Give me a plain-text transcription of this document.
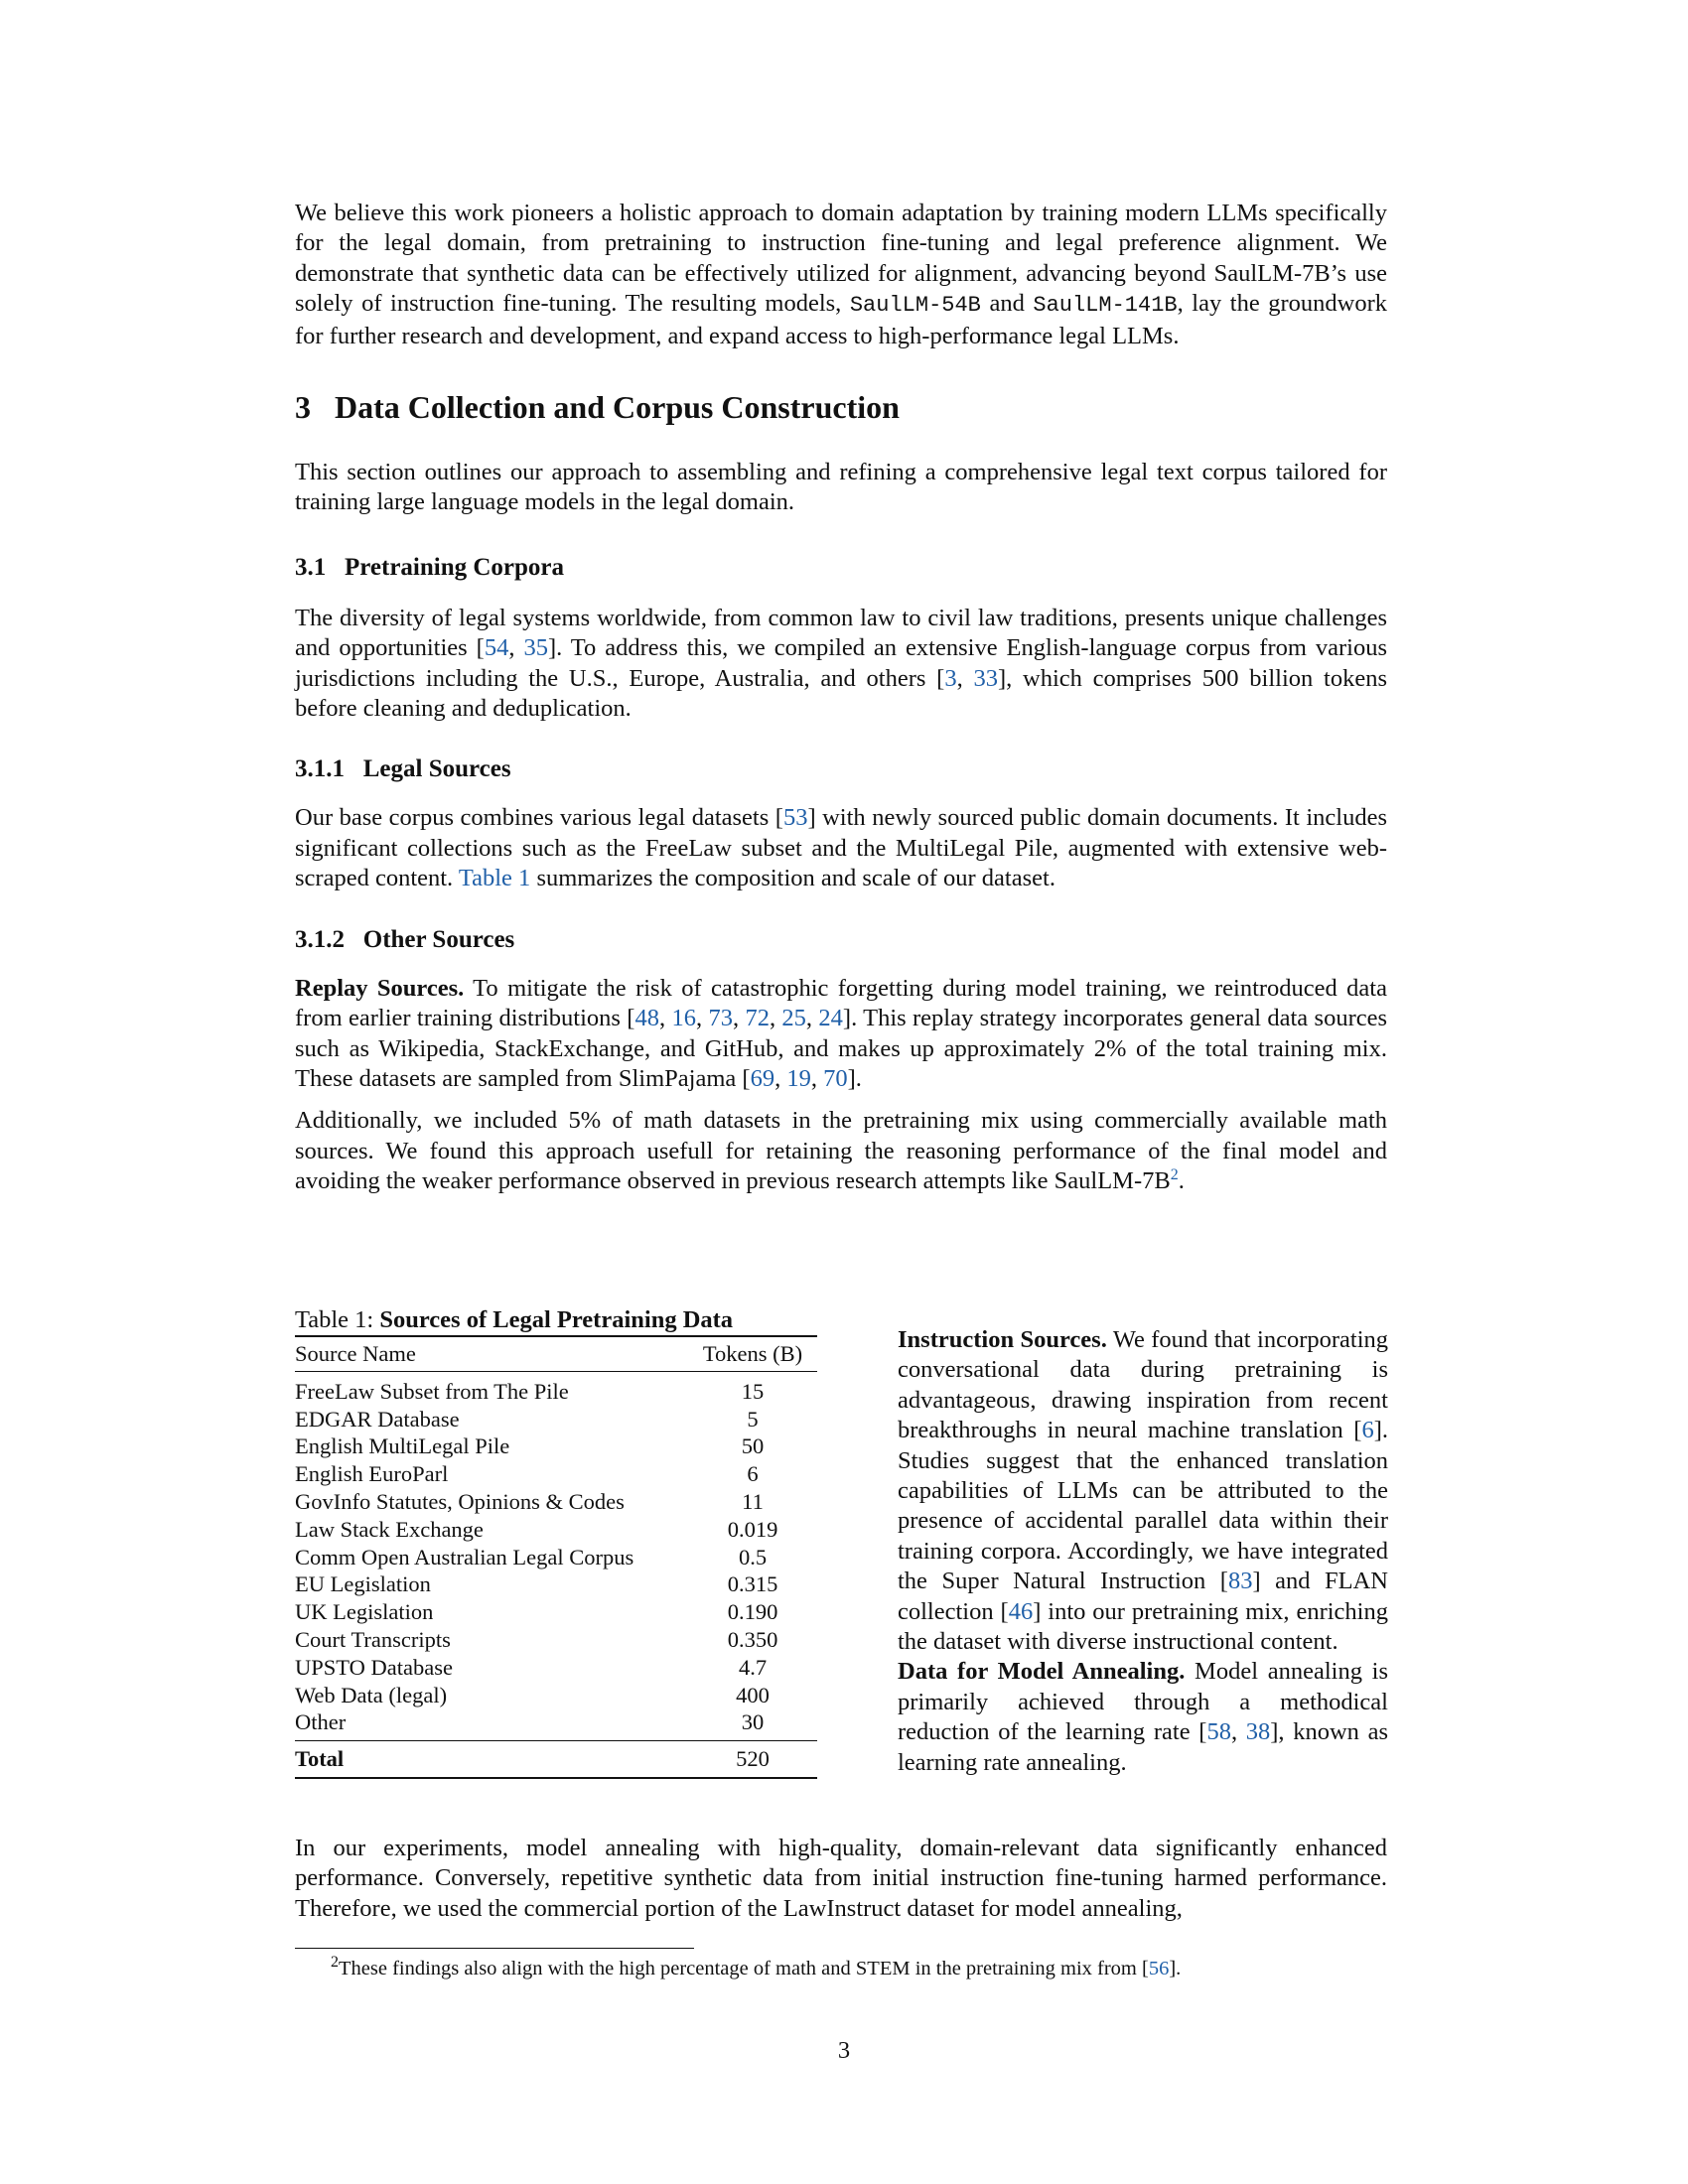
We believe this work pioneers a holistic approach to domain adaptation by training modern LLMs specifically for the legal domain, from pretraining to instruction fine-tuning and legal preference alignment. We demonstrate that synthetic data can be effectively utilized for alignment, advancing beyond SaulLM-7B’s use solely of instruction fine-tuning. The resulting models, SaulLM-54B and SaulLM-141B, lay the groundwork for further research and development, and expand access to high-performance legal LLMs.

3 Data Collection and Corpus Construction

This section outlines our approach to assembling and refining a comprehensive legal text corpus tailored for training large language models in the legal domain.

3.1 Pretraining Corpora

The diversity of legal systems worldwide, from common law to civil law traditions, presents unique challenges and opportunities [54, 35]. To address this, we compiled an extensive English-language corpus from various jurisdictions including the U.S., Europe, Australia, and others [3, 33], which comprises 500 billion tokens before cleaning and deduplication.

3.1.1 Legal Sources

Our base corpus combines various legal datasets [53] with newly sourced public domain documents. It includes significant collections such as the FreeLaw subset and the MultiLegal Pile, augmented with extensive web-scraped content. Table 1 summarizes the composition and scale of our dataset.

3.1.2 Other Sources

Replay Sources. To mitigate the risk of catastrophic forgetting during model training, we reintroduced data from earlier training distributions [48, 16, 73, 72, 25, 24]. This replay strategy incorporates general data sources such as Wikipedia, StackExchange, and GitHub, and makes up approximately 2% of the total training mix. These datasets are sampled from SlimPajama [69, 19, 70].

Additionally, we included 5% of math datasets in the pretraining mix using commercially available math sources. We found this approach usefull for retaining the reasoning performance of the final model and avoiding the weaker performance observed in previous research attempts like SaulLM-7B$^2$.

Table 1: Sources of Legal Pretraining Data
Source Name	Tokens (B)
FreeLaw Subset from The Pile	15
EDGAR Database	5
English MultiLegal Pile	50
English EuroParl	6
GovInfo Statutes, Opinions & Codes	11
Law Stack Exchange	0.019
Comm Open Australian Legal Corpus	0.5
EU Legislation	0.315
UK Legislation	0.190
Court Transcripts	0.350
UPSTO Database	4.7
Web Data (legal)	400
Other	30
Total	520

Instruction Sources. We found that incorporating conversational data during pretraining is advantageous, drawing inspiration from recent breakthroughs in neural machine translation [6]. Studies suggest that the enhanced translation capabilities of LLMs can be attributed to the presence of accidental parallel data within their training corpora. Accordingly, we have integrated the Super Natural Instruction [83] and FLAN collection [46] into our pretraining mix, enriching the dataset with diverse instructional content.

Data for Model Annealing. Model annealing is primarily achieved through a methodical reduction of the learning rate [58, 38], known as learning rate annealing.

In our experiments, model annealing with high-quality, domain-relevant data significantly enhanced performance. Conversely, repetitive synthetic data from initial instruction fine-tuning harmed performance. Therefore, we used the commercial portion of the LawInstruct dataset for model annealing,

$^2$These findings also align with the high percentage of math and STEM in the pretraining mix from [56].
3
